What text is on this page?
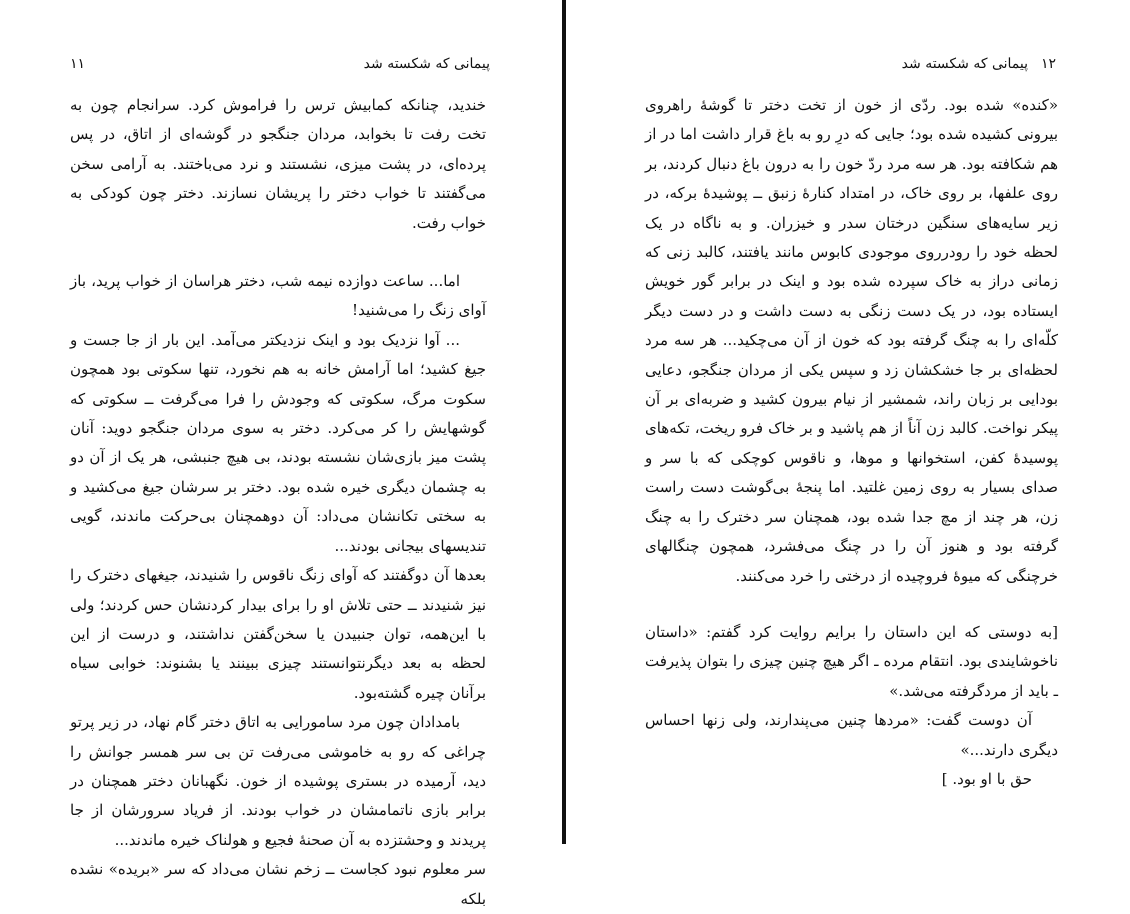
۱۱	پیمانی که شکسته شد

خندید، چنانکه کمابیش ترس را فراموش کرد. سرانجام چون به تخت رفت تا بخوابد، مردان جنگجو در گوشه‌ای از اتاق، در پس پرده‌ای، در پشت میزی، نشستند و نرد می‌باختند. به آرامی سخن می‌گفتند تا خواب دختر را پریشان نسازند. دختر چون کودکی به خواب رفت.

اما... ساعت دوازده نیمه شب، دختر هراسان از خواب پرید، باز آوای زنگ را می‌شنید!

... آوا نزدیک بود و اینک نزدیکتر می‌آمد. این بار از جا جست و جیغ کشید؛ اما آرامش خانه به هم نخورد، تنها سکوتی بود همچون سکوت مرگ، سکوتی که وجودش را فرا می‌گرفت ــ سکوتی که گوشهایش را کر می‌کرد. دختر به سوی مردان جنگجو دوید: آنان پشت میز بازی‌شان نشسته بودند، بی هیچ جنبشی، هر یک از آن دو به چشمان دیگری خیره شده بود. دختر بر سرشان جیغ می‌کشید و به سختی تکانشان می‌داد: آن دوهمچنان بی‌حرکت ماندند، گویی تندیسهای بیجانی بودند...

بعدها آن دوگفتند که آوای زنگ ناقوس را شنیدند، جیغهای دخترک را نیز شنیدند ــ حتی تلاش او را برای بیدار کردنشان حس کردند؛ ولی با این‌همه، توان جنبیدن یا سخن‌گفتن نداشتند، و درست از این لحظه به بعد دیگرنتوانستند چیزی ببینند یا بشنوند: خوابی سیاه برآنان چیره گشته‌بود.

بامدادان چون مرد سامورایی به اتاق دختر گام نهاد، در زیر پرتو چراغی که رو به خاموشی می‌رفت تن بی سر همسر جوانش را دید، آرمیده در بستری پوشیده از خون. نگهبانان دختر همچنان در برابر بازی ناتمامشان در خواب بودند. از فریاد سرورشان از جا پریدند و وحشتزده به آن صحنهٔ فجیع و هولناک خیره ماندند...

سر معلوم نبود کجاست ــ زخم نشان می‌داد که سر «بریده» نشده بلکه

۱۲
پیمانی که شکسته شد

«کنده» شده بود. ردّی از خون از تخت دختر تا گوشهٔ راهروی بیرونی کشیده شده بود؛ جایی که درِ رو به باغ قرار داشت اما در از هم شکافته بود. هر سه مرد ردّ خون را به درون باغ دنبال کردند، بر روی علفها، بر روی خاک، در امتداد کنارهٔ زنبق ــ پوشیدهٔ برکه، در زیر سایه‌های سنگین درختان سدر و خیزران. و به ناگاه در یک لحظه خود را رودرروی موجودی کابوس مانند یافتند، کالبد زنی که زمانی دراز به خاک سپرده شده بود و اینک در برابر گور خویش ایستاده بود، در یک دست زنگی به دست داشت و در دست دیگر کلّه‌ای را به چنگ گرفته بود که خون از آن می‌چکید... هر سه مرد لحظه‌ای بر جا خشکشان زد و سپس یکی از مردان جنگجو، دعایی بودایی بر زبان راند، شمشیر از نیام بیرون کشید و ضربه‌ای بر آن پیکر نواخت. کالبد زن آناً از هم پاشید و بر خاک فرو ریخت، تکه‌های پوسیدهٔ کفن، استخوانها و موها، و ناقوس کوچکی که با سر و صدای بسیار به روی زمین غلتید. اما پنجهٔ بی‌گوشت دست راست زن، هر چند از مچ جدا شده بود، همچنان سر دخترک را به چنگ گرفته بود و هنوز آن را در چنگ می‌فشرد، همچون چنگالهای خرچنگی که میوهٔ فروچیده از درختی را خرد می‌کنند.

[به دوستی که این داستان را برایم روایت کرد گفتم: «داستان ناخوشایندی بود. انتقام مرده ـ اگر هیچ چنین چیزی را بتوان پذیرفت ـ باید از مردگرفته می‌شد.»

آن دوست گفت: «مردها چنین می‌پندارند، ولی زنها احساس دیگری دارند...»

حق با او بود. ]
